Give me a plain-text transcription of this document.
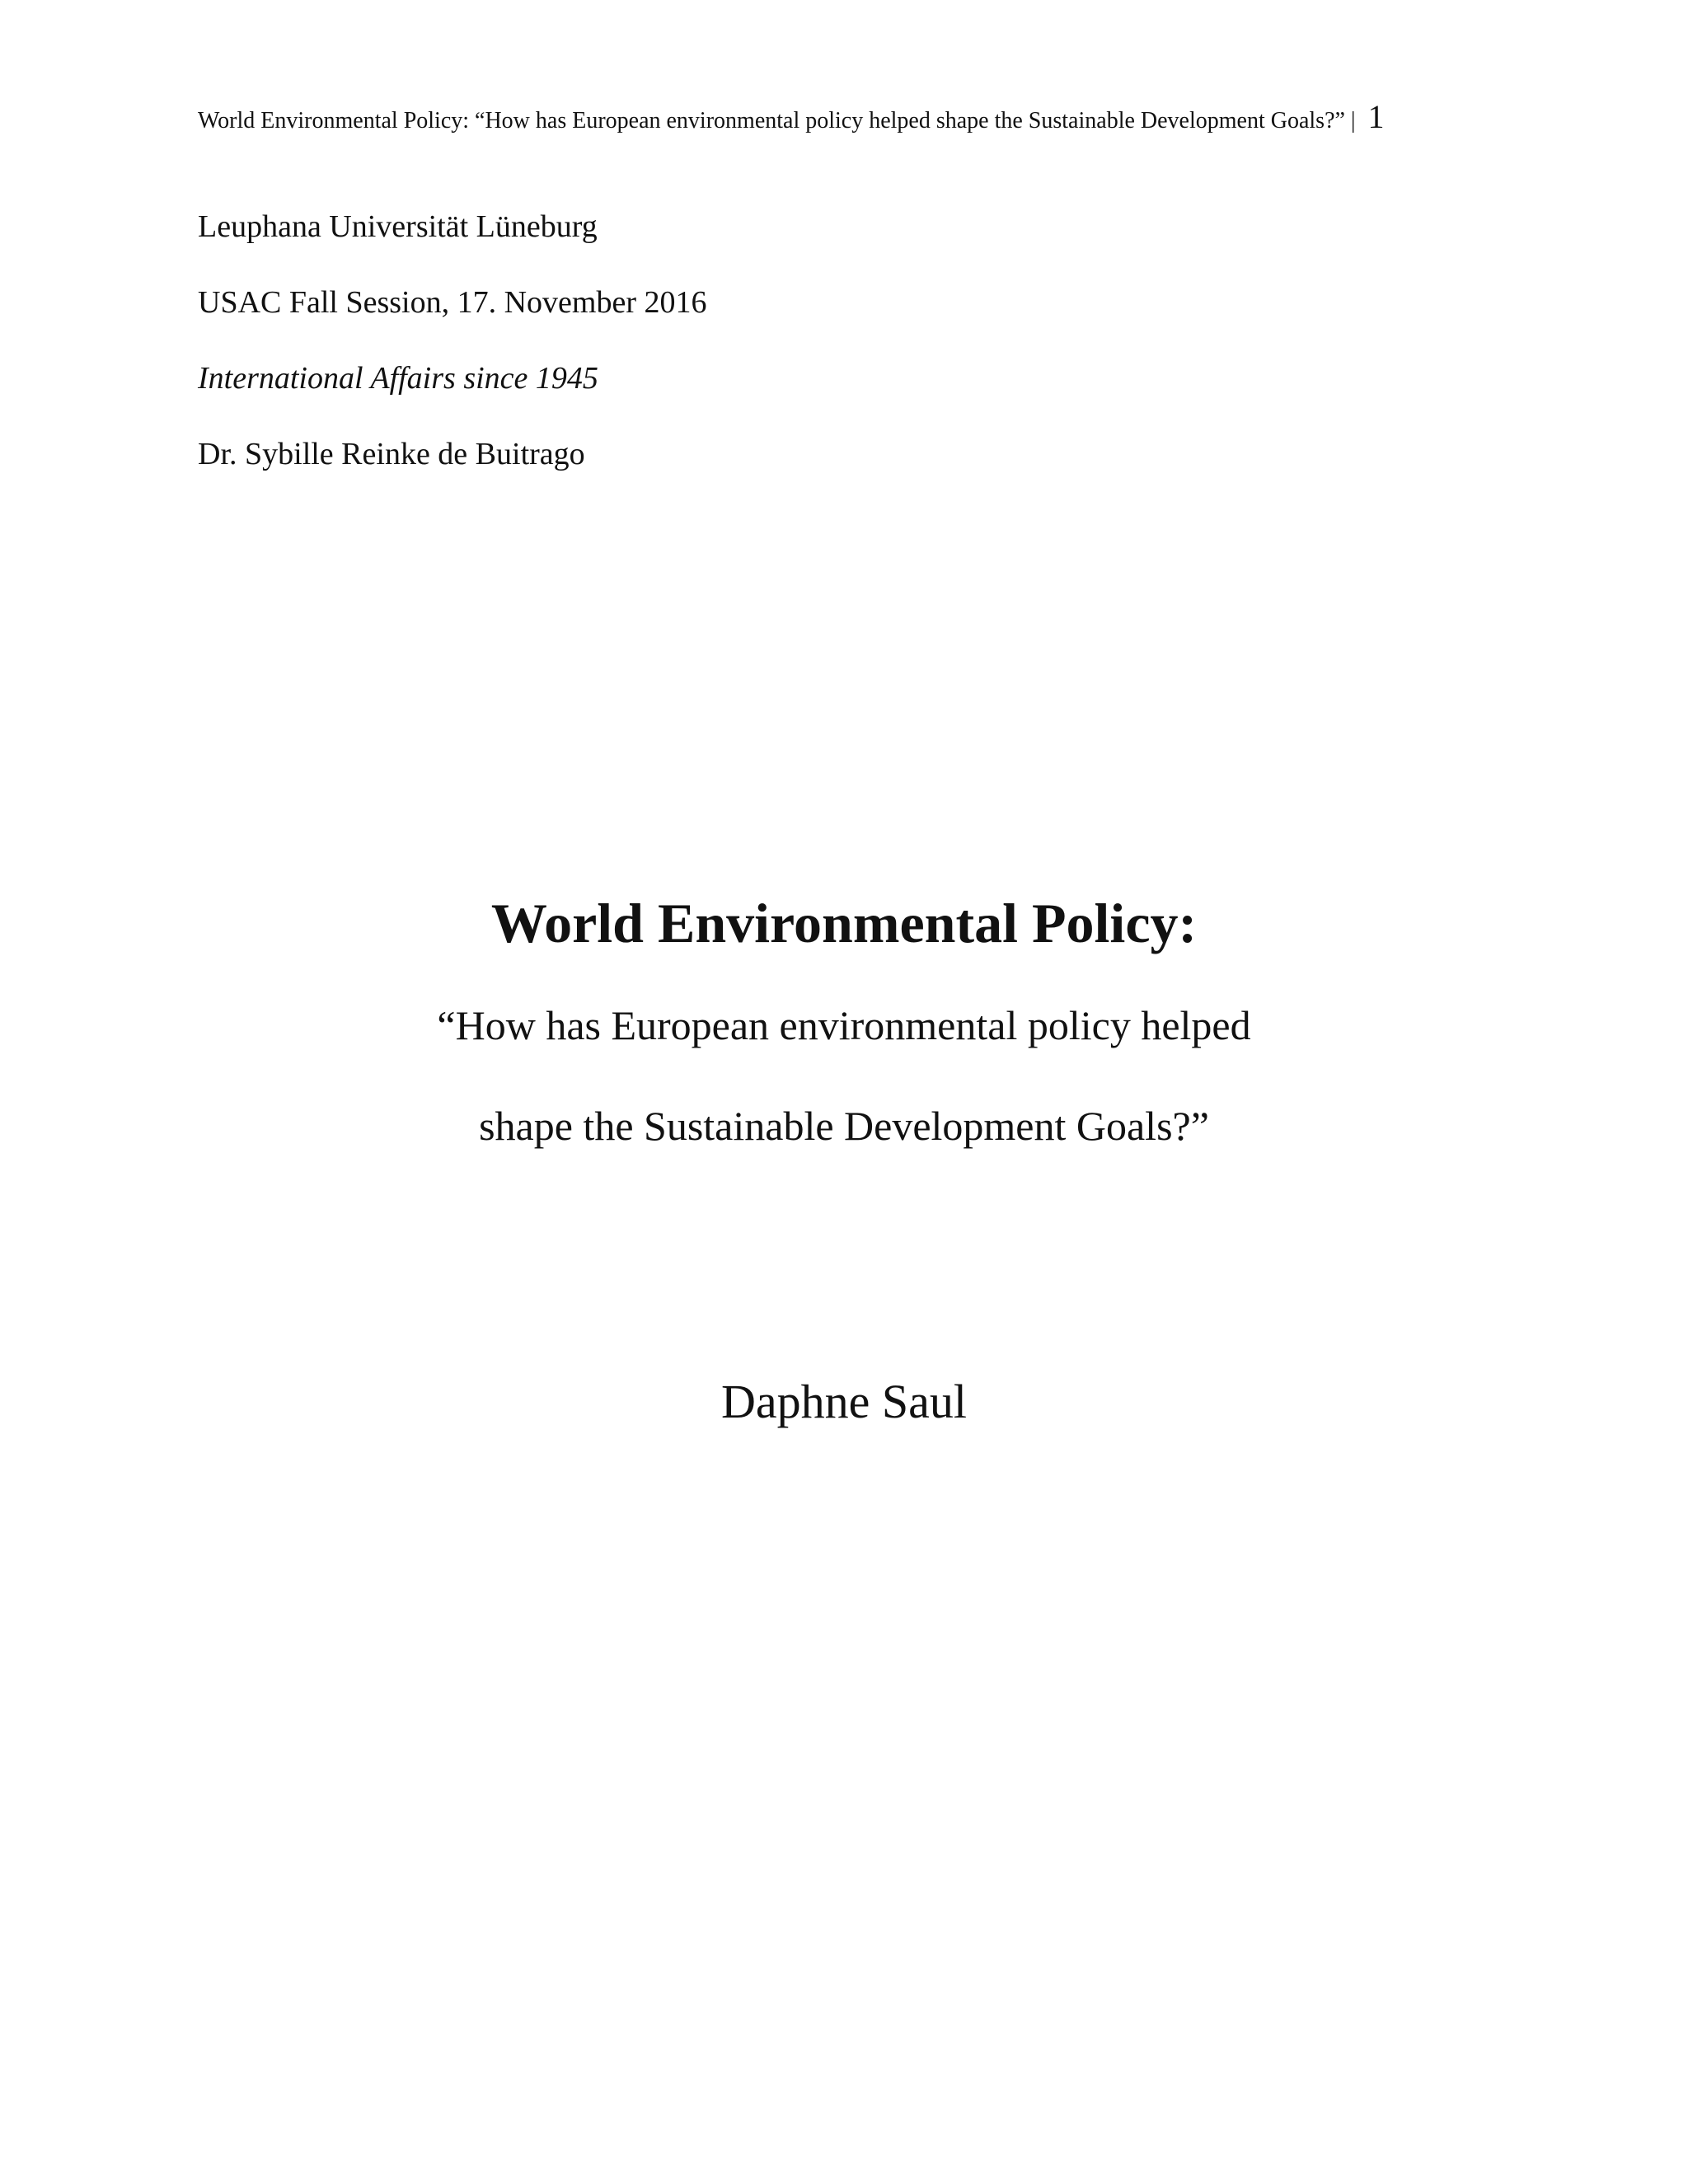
World Environmental Policy: “How has European environmental policy helped shape the Sustainable Development Goals?” | 1
Leuphana Universität Lüneburg
USAC Fall Session, 17. November 2016
International Affairs since 1945
Dr. Sybille Reinke de Buitrago
World Environmental Policy:

“How has European environmental policy helped

shape the Sustainable Development Goals?”

Daphne Saul
